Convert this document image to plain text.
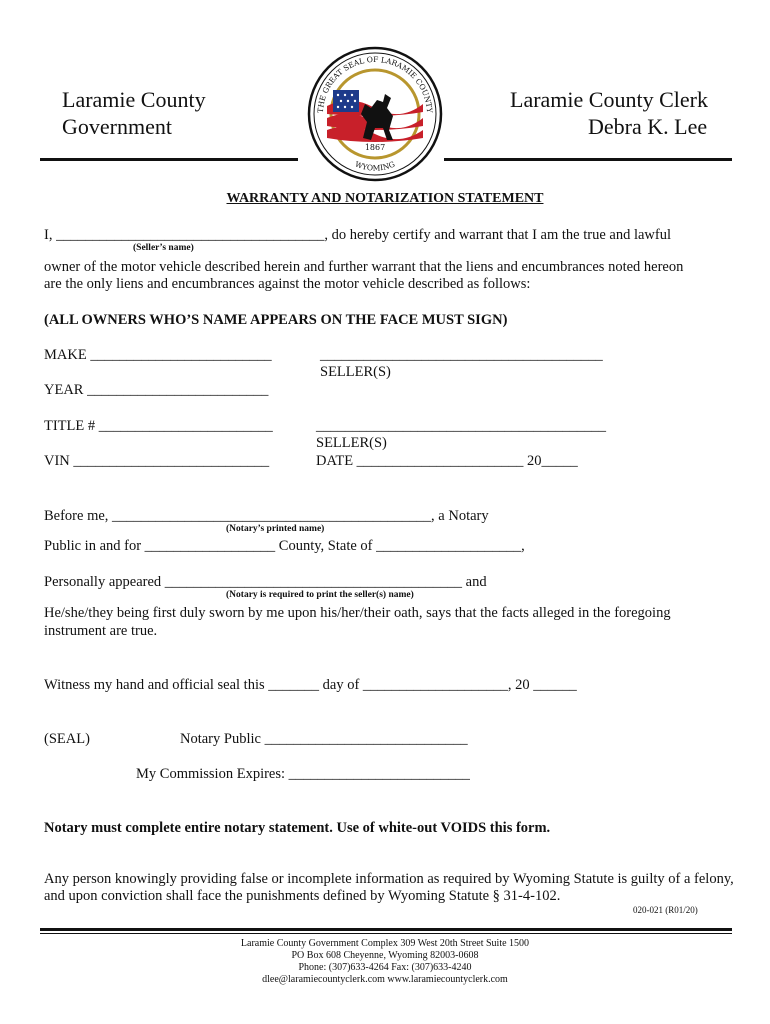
Laramie County
Government
Laramie County Clerk
Debra K. Lee
THE GREAT SEAL OF LARAMIE COUNTY
1867
WYOMING
WARRANTY AND NOTARIZATION STATEMENT
I, _____________________________________, do hereby certify and warrant that I am the true and lawful
(Seller’s name)
owner of the motor vehicle described herein and further warrant that the liens and encumbrances noted hereon
are the only liens and encumbrances against the motor vehicle described as follows:
(ALL OWNERS WHO’S NAME APPEARS ON THE FACE MUST SIGN)
MAKE _________________________	_______________________________________
SELLER(S)
YEAR _________________________
TITLE # ________________________	________________________________________
SELLER(S)
VIN ___________________________	DATE _______________________ 20_____
Before me, ____________________________________________, a Notary
(Notary’s printed name)
Public in and for __________________ County, State of ____________________,
Personally appeared _________________________________________ and
(Notary is required to print the seller(s) name)
He/she/they being first duly sworn by me upon his/her/their oath, says that the facts alleged in the foregoing
instrument are true.
Witness my hand and official seal this _______ day of ____________________, 20 ______
(SEAL)	Notary Public ____________________________
My Commission Expires: _________________________
Notary must complete entire notary statement. Use of white-out VOIDS this form.
Any person knowingly providing false or incomplete information as required by Wyoming Statute is guilty of a felony,
and upon conviction shall face the punishments defined by Wyoming Statute § 31-4-102.
020-021 (R01/20)
Laramie County Government Complex 309 West 20th Street Suite 1500
PO Box 608 Cheyenne, Wyoming 82003-0608
Phone: (307)633-4264 Fax: (307)633-4240
dlee@laramiecountyclerk.com www.laramiecountyclerk.com
